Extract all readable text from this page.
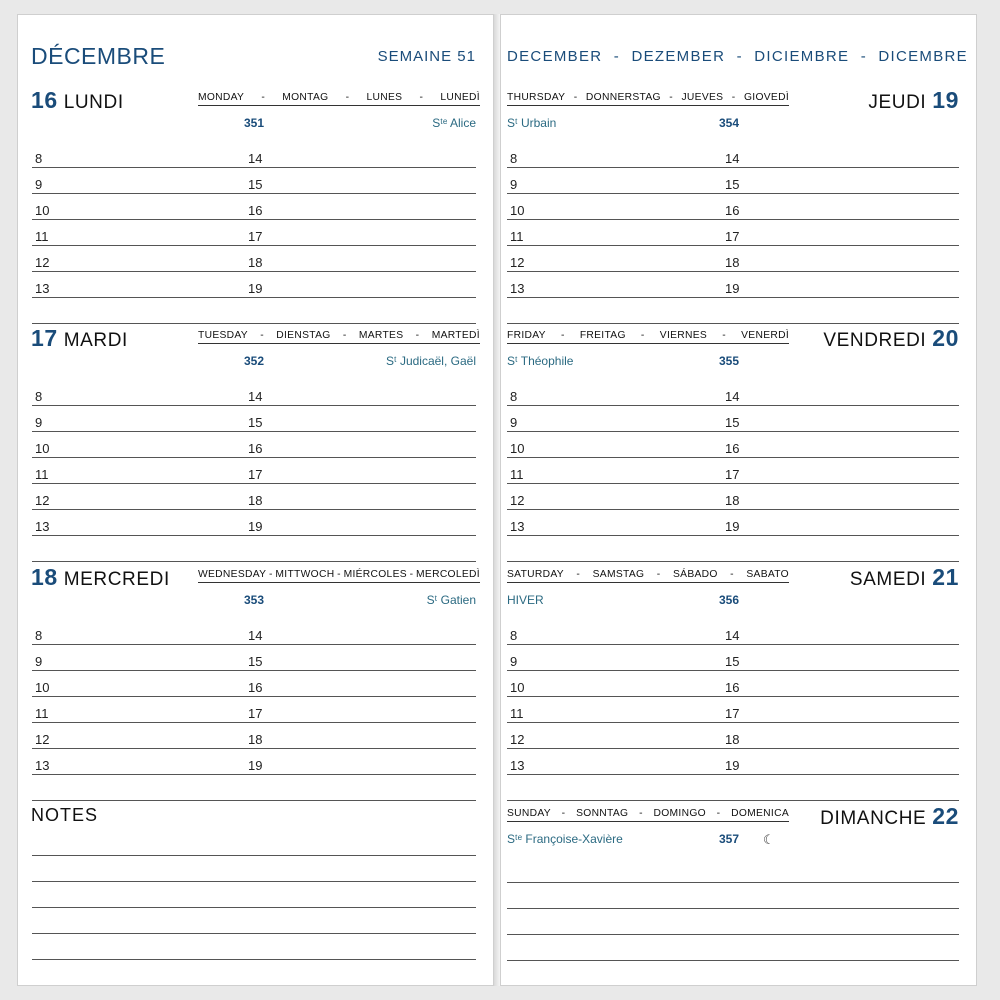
DÉCEMBRE	SEMAINE 51
16 LUNDI	MONDAY - MONTAG - LUNES - LUNEDÌ
351	Sᵗᵉ Alice
8	14
9	15
10	16
11	17
12	18
13	19
17 MARDI	TUESDAY - DIENSTAG - MARTES - MARTEDÌ
352	Sᵗ Judicaël, Gaël
8	14
9	15
10	16
11	17
12	18
13	19
18 MERCREDI	WEDNESDAY - MITTWOCH - MIÉRCOLES - MERCOLEDÌ
353	Sᵗ Gatien
8	14
9	15
10	16
11	17
12	18
13	19
NOTES
DECEMBER - DEZEMBER - DICIEMBRE - DICEMBRE
JEUDI 19
THURSDAY - DONNERSTAG - JUEVES - GIOVEDÌ
354
Sᵗ Urbain
8	14
9	15
10	16
11	17
12	18
13	19
VENDREDI 20
FRIDAY - FREITAG - VIERNES - VENERDÌ
355
Sᵗ Théophile
8	14
9	15
10	16
11	17
12	18
13	19
SAMEDI 21
SATURDAY - SAMSTAG - SÁBADO - SABATO
356
HIVER
8	14
9	15
10	16
11	17
12	18
13	19
DIMANCHE 22
SUNDAY - SONNTAG - DOMINGO - DOMENICA
Sᵗᵉ Françoise-Xavière	357 ☾
